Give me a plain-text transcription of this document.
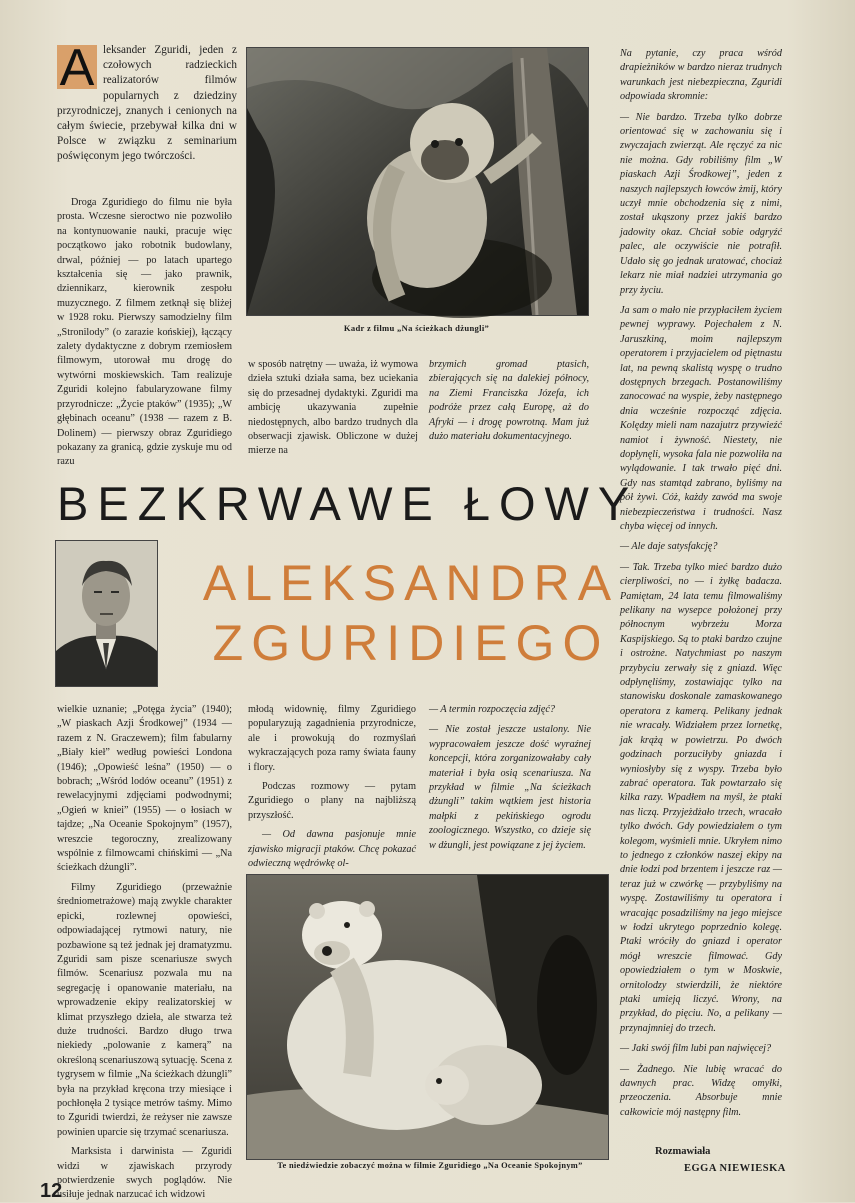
A leksander Zguridi, jeden z czołowych radzieckich realizatorów filmów popularnych z dziedziny przyrodniczej, znanych i cenionych na całym świecie, przebywał kilka dni w Polsce w związku z seminarium poświęconym jego twórczości.

Droga Zguridiego do filmu nie była prosta. Wczesne sieroctwo nie pozwoliło na kontynuowanie nauki, pracuje więc początkowo jako robotnik budowlany, drwal, później — po latach upartego kształcenia się — jako prawnik, dziennikarz, kierownik zespołu muzycznego. Z filmem zetknął się bliżej w 1928 roku. Pierwszy samodzielny film „Stronilody” (o zarazie końskiej), łączący zalety dydaktyczne z dobrym rzemiosłem filmowym, utorował mu drogę do wytwórni moskiewskich. Tam realizuje Zguridi kolejno fabularyzowane filmy przyrodnicze: „Życie ptaków” (1935); „W głębinach oceanu” (1938 — razem z B. Dolinem) — pierwszy obraz Zguridiego pokazany za granicą, gdzie zyskuje mu od razu

Kadr z filmu „Na ścieżkach dżungli”

w sposób natrętny — uważa, iż wymowa dzieła sztuki działa sama, bez uciekania się do przesadnej dydaktyki. Zguridi ma ambicję ukazywania zupełnie niedostępnych, albo bardzo trudnych dla obserwacji zjawisk. Obliczone w dużej mierze na

brzymich gromad ptasich, zbierających się na dalekiej północy, na Ziemi Franciszka Józefa, ich podróże przez całą Europę, aż do Afryki — i drogę powrotną. Mam już dużo materiału dokumentacyjnego.

Na pytanie, czy praca wśród drapieżników w bardzo nieraz trudnych warunkach jest niebezpieczna, Zguridi odpowiada skromnie:

— Nie bardzo. Trzeba tylko dobrze orientować się w zachowaniu się i zwyczajach zwierząt. Ale ręczyć za nic nie można. Gdy robiliśmy film „W piaskach Azji Środkowej”, jeden z naszych najlepszych łowców żmij, który uczył mnie obchodzenia się z nimi, został ukąszony przez jakiś bardzo jadowity okaz. Chciał sobie odgryźć palec, ale oczywiście nie potrafił. Udało się go jednak uratować, chociaż lekarz nie miał nadziei utrzymania go przy życiu.

Ja sam o mało nie przypłaciłem życiem pewnej wyprawy. Pojechałem z N. Jaruszkiną, moim najlepszym operatorem i przyjacielem od piętnastu lat, na pewną skalistą wyspę o trudno dostępnych brzegach. Postanowiliśmy zanocować na wyspie, żeby następnego dnia wcześnie rozpocząć zdjęcia. Kolędzy mieli nam nazajutrz przywieźć namiot i żywność. Niestety, nie dopłynęli, wysoka fala nie pozwoliła na wylądowanie. I tak trwało pięć dni. Gdy nas stamtąd zabrano, byliśmy na pół żywi. Cóż, każdy zawód ma swoje niebezpieczeństwa i trudności. Nasz chyba więcej od innych.

— Ale daje satysfakcję?

— Tak. Trzeba tylko mieć bardzo dużo cierpliwości, no — i żyłkę badacza. Pamiętam, 24 lata temu filmowaliśmy pelikany na wysepce położonej przy północnym wybrzeżu Morza Kaspijskiego. Są to ptaki bardzo czujne i ostrożne. Natychmiast po naszym przybyciu zerwały się z gniazd. Więc odpłynęliśmy, zostawiając tylko na stanowisku doskonale zamaskowanego operatora z kamerą. Pelikany jednak nie wracały. Widziałem przez lornetkę, jak krążą w powietrzu. Po dwóch godzinach porzuciłyby gniazda i wyniosłyby się z wyspy. Trzeba było zabrać operatora. Tak powtarzało się kilka razy. Wpadłem na myśl, że ptaki nas liczą. Przyjeżdżało trzech, wracało tylko dwóch. Gdy powiedziałem o tym kolegom, wyśmieli mnie. Ukryłem nimo to jednego z członków naszej ekipy na dnie łodzi pod brzentem i jeszcze raz — teraz już w czwórkę — przybyliśmy na wyspę. Zostawiliśmy tu operatora i wracając posadziliśmy na jego miejsce w łodzi ukrytego poprzednio kolegę. Ptaki wróciły do gniazd i operator mógł wreszcie filmować. Gdy opowiedziałem o tym w Moskwie, ornitolodzy stwierdzili, że niektóre ptaki umieją liczyć. Wrony, na przykład, do pięciu. No, a pelikany — przynajmniej do trzech.

— Jaki swój film lubi pan najwięcej?

— Żadnego. Nie lubię wracać do dawnych prac. Widzę omyłki, przeoczenia. Absorbuje mnie całkowicie mój następny film.

BEZKRWAWE ŁOWY
ALEKSANDRA ZGURIDIEGO

wielkie uznanie; „Potęga życia” (1940); „W piaskach Azji Środkowej” (1934 — razem z N. Graczewem); film fabularny „Biały kieł” według powieści Londona (1946); „Opowieść leśna” (1950) — o bobrach; „Wśród lodów oceanu” (1951) z rewelacyjnymi zdjęciami podwodnymi; „Ogień w kniei” (1955) — o łosiach w tajdze; „Na Oceanie Spokojnym” (1957), wreszcie tegoroczny, zrealizowany wspólnie z filmowcami chińskimi — „Na ścieżkach dżungli”.

Filmy Zguridiego (przeważnie średniometrażowe) mają zwykle charakter epicki, rozlewnej opowieści, odpowiadającej rytmowi natury, nie pozbawione są też jednak jej dramatyzmu. Zguridi sam pisze scenariusze swych filmów. Scenariusz pozwala mu na segregację i opanowanie materiału, na wprowadzenie ekipy realizatorskiej w klimat przyszłego dzieła, ale stwarza też duże trudności. Bardzo długo trwa niekiedy „polowanie z kamerą” na określoną scenariuszową sytuację. Scena z tygrysem w filmie „Na ścieżkach dżungli” była na przykład kręcona trzy miesiące i pochłonęła 2 tysiące metrów taśmy. Mimo to Zguridi twierdzi, że reżyser nie zawsze powinien uparcie się trzymać scenariusza.

Marksista i darwinista — Zguridi widzi w zjawiskach przyrody potwierdzenie swych poglądów. Nie usiłuje jednak narzucać ich widzowi

młodą widownię, filmy Zguridiego popularyzują zagadnienia przyrodnicze, ale i prowokują do rozmyślań wykraczających poza ramy świata fauny i flory.

Podczas rozmowy — pytam Zguridiego o plany na najbliższą przyszłość.

— Od dawna pasjonuje mnie zjawisko migracji ptaków. Chcę pokazać odwieczną wędrówkę ol-

— A termin rozpoczęcia zdjęć?

— Nie został jeszcze ustalony. Nie wypracowałem jeszcze dość wyraźnej koncepcji, która zorganizowałaby cały materiał i była osią scenariusza. Na przykład w filmie „Na ścieżkach dżungli” takim wątkiem jest historia małpki z pekińskiego ogrodu zoologicznego. Wszystko, co dzieje się w dżungli, jest powiązane z jej życiem.

Te niedźwiedzie zobaczyć można w filmie Zguridiego „Na Oceanie Spokojnym”
Rozmawiała
EGGA NIEWIESKA
12
